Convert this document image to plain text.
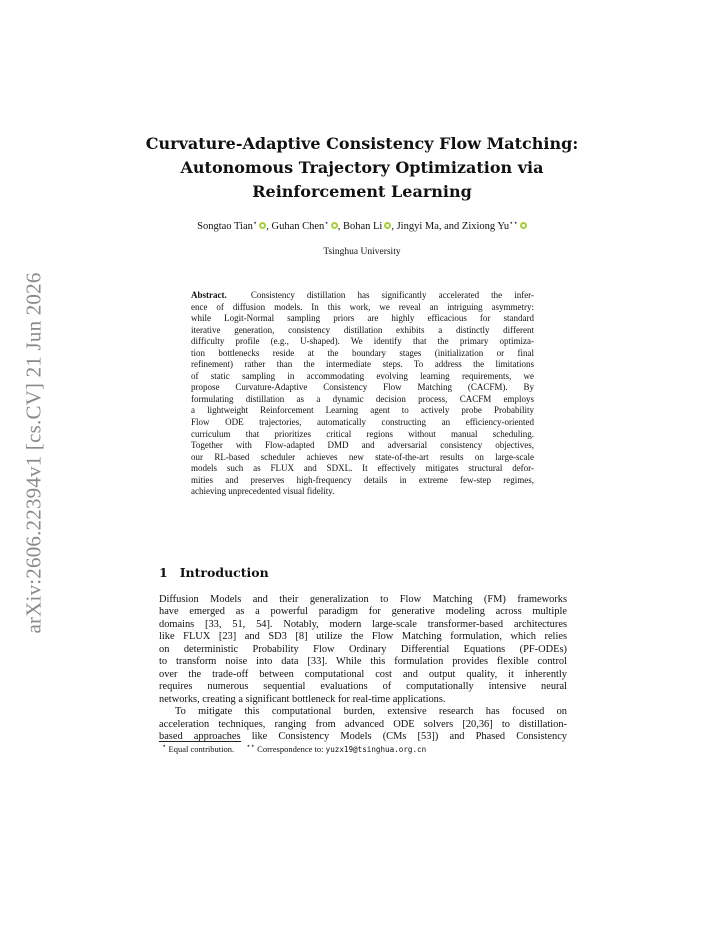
arXiv:2606.22394v1 [cs.CV] 21 Jun 2026
Curvature-Adaptive Consistency Flow Matching:
Autonomous Trajectory Optimization via
Reinforcement Learning
Songtao Tian⋆ , Guhan Chen⋆ , Bohan Li , Jingyi Ma, and Zixiong Yu⋆⋆
Tsinghua University
Abstract.	Consistency distillation has significantly accelerated the infer-
ence of diffusion models. In this work, we reveal an intriguing asymmetry:
while Logit-Normal sampling priors are highly efficacious for standard
iterative generation, consistency distillation exhibits a distinctly different
difficulty profile (e.g., U-shaped). We identify that the primary optimiza-
tion bottlenecks reside at the boundary stages (initialization or final
refinement) rather than the intermediate steps. To address the limitations
of static sampling in accommodating evolving learning requirements, we
propose Curvature-Adaptive Consistency Flow Matching (CACFM). By
formulating distillation as a dynamic decision process, CACFM employs
a lightweight Reinforcement Learning agent to actively probe Probability
Flow ODE trajectories, automatically constructing an efficiency-oriented
curriculum that prioritizes critical regions without manual scheduling.
Together with Flow-adapted DMD and adversarial consistency objectives,
our RL-based scheduler achieves new state-of-the-art results on large-scale
models such as FLUX and SDXL. It effectively mitigates structural defor-
mities and preserves high-frequency details in extreme few-step regimes,
achieving unprecedented visual fidelity.
1 Introduction
Diffusion Models and their generalization to Flow Matching (FM) frameworks
have emerged as a powerful paradigm for generative modeling across multiple
domains [33, 51, 54]. Notably, modern large-scale transformer-based architectures
like FLUX [23] and SD3 [8] utilize the Flow Matching formulation, which relies
on deterministic Probability Flow Ordinary Differential Equations (PF-ODEs)
to transform noise into data [33]. While this formulation provides flexible control
over the trade-off between computational cost and output quality, it inherently
requires numerous sequential evaluations of computationally intensive neural
networks, creating a significant bottleneck for real-time applications.
To mitigate this computational burden, extensive research has focused on
acceleration techniques, ranging from advanced ODE solvers [20,36] to distillation-
based approaches like Consistency Models (CMs [53]) and Phased Consistency
⋆ Equal contribution. ⋆⋆ Correspondence to: yuzx19@tsinghua.org.cn
